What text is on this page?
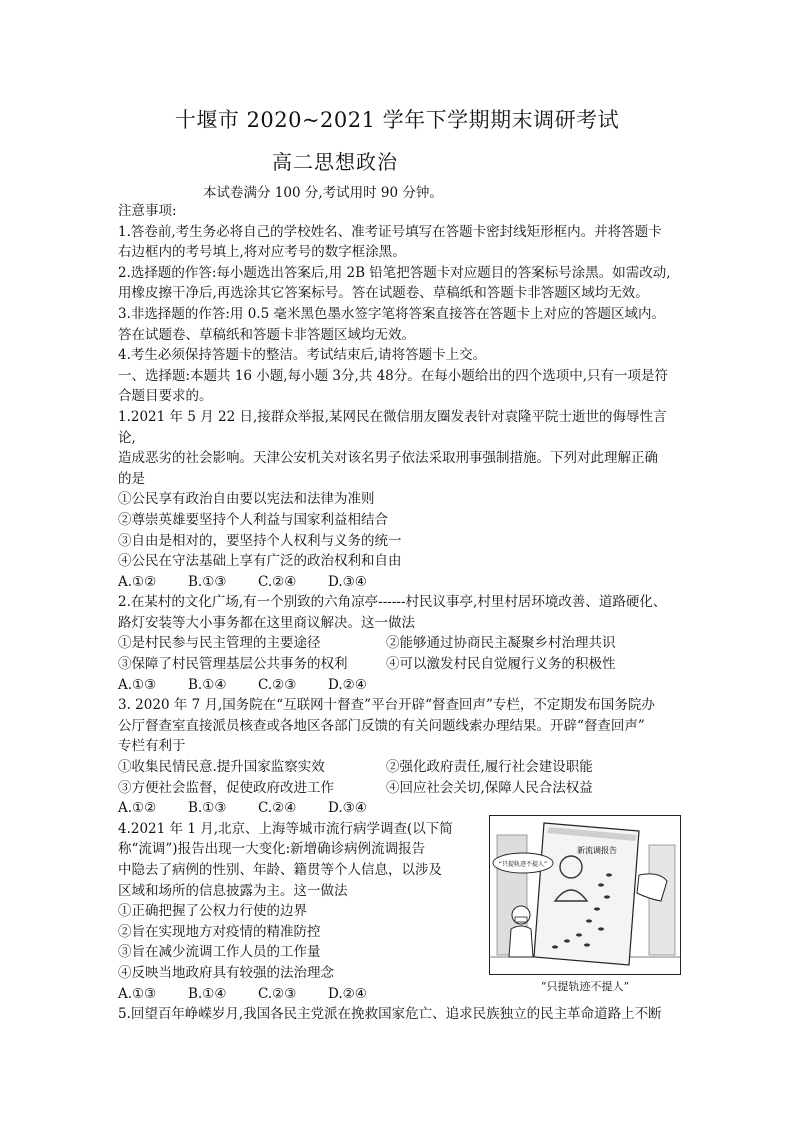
十堰市 2020~2021 学年下学期期末调研考试
高二思想政治
本试卷满分 100 分,考试用时 90 分钟。

注意事项:

1.答卷前,考生务必将自己的学校姓名、准考证号填写在答题卡密封线矩形框内。并将答题卡

右边框内的考号填上,将对应考号的数字框涂黑。

2.选择题的作答:每小题选出答案后,用 2B 铅笔把答题卡对应题目的答案标号涂黑。如需改动,

用橡皮擦干净后,再选涂其它答案标号。答在试题卷、草稿纸和答题卡非答题区域均无效。

3.非选择题的作答:用 0.5 毫米黑色墨水签字笔将答案直接答在答题卡上对应的答题区域内。

答在试题卷、草稿纸和答题卡非答题区域均无效。

4.考生必须保持答题卡的整洁。考试结束后,请将答题卡上交。

一、选择题:本题共 16 小题,每小题 3分,共 48分。在每小题给出的四个选项中,只有一项是符

合题目要求的。

1.2021 年 5 月 22 日,接群众举报,某网民在微信朋友圈发表针对袁隆平院士逝世的侮辱性言论,

造成恶劣的社会影响。天津公安机关对该名男子依法采取刑事强制措施。下列对此理解正确

的是

①公民享有政治自由要以宪法和法律为准则

②尊崇英雄要坚持个人利益与国家利益相结合

③自由是相对的，要坚持个人权利与义务的统一

④公民在守法基础上享有广泛的政治权利和自由

A.①②	B.①③	C.②④	D.③④

2.在某村的文化广场,有一个别致的六角凉亭------村民议事亭,村里村居环境改善、道路硬化、

路灯安装等大小事务都在这里商议解决。这一做法

①是村民参与民主管理的主要途径	②能够通过协商民主凝聚乡村治理共识
③保障了村民管理基层公共事务的权利	④可以激发村民自觉履行义务的积极性
A.①③	B.①④	C.②③	D.②④

3. 2020 年 7 月,国务院在“互联网十督查”平台开辟“督查回声”专栏，不定期发布国务院办

公厅督查室直接派员核查或各地区各部门反馈的有关问题线索办理结果。开辟“督查回声”

专栏有利于

①收集民情民意.提升国家监察实效	②强化政府责任,履行社会建设职能
③方便社会监督，促使政府改进工作	④回应社会关切,保障人民合法权益
A.①②	B.①③	C.②④	D.③④

4.2021 年 1 月,北京、上海等城市流行病学调查(以下简

称“流调”)报告出现一大变化:新增确诊病例流调报告

中隐去了病例的性别、年龄、籍贯等个人信息，以涉及

区域和场所的信息披露为主。这一做法

①正确把握了公权力行使的边界

②旨在实现地方对疫情的精准防控

③旨在减少流调工作人员的工作量

④反映当地政府具有较强的法治理念

A.①③	B.①④	C.②③	D.②④
新流调报告
“只提轨迹不提人”
“只提轨迹不提人”

5.回望百年峥嵘岁月,我国各民主党派在挽救国家危亡、追求民族独立的民主革命道路上不断
